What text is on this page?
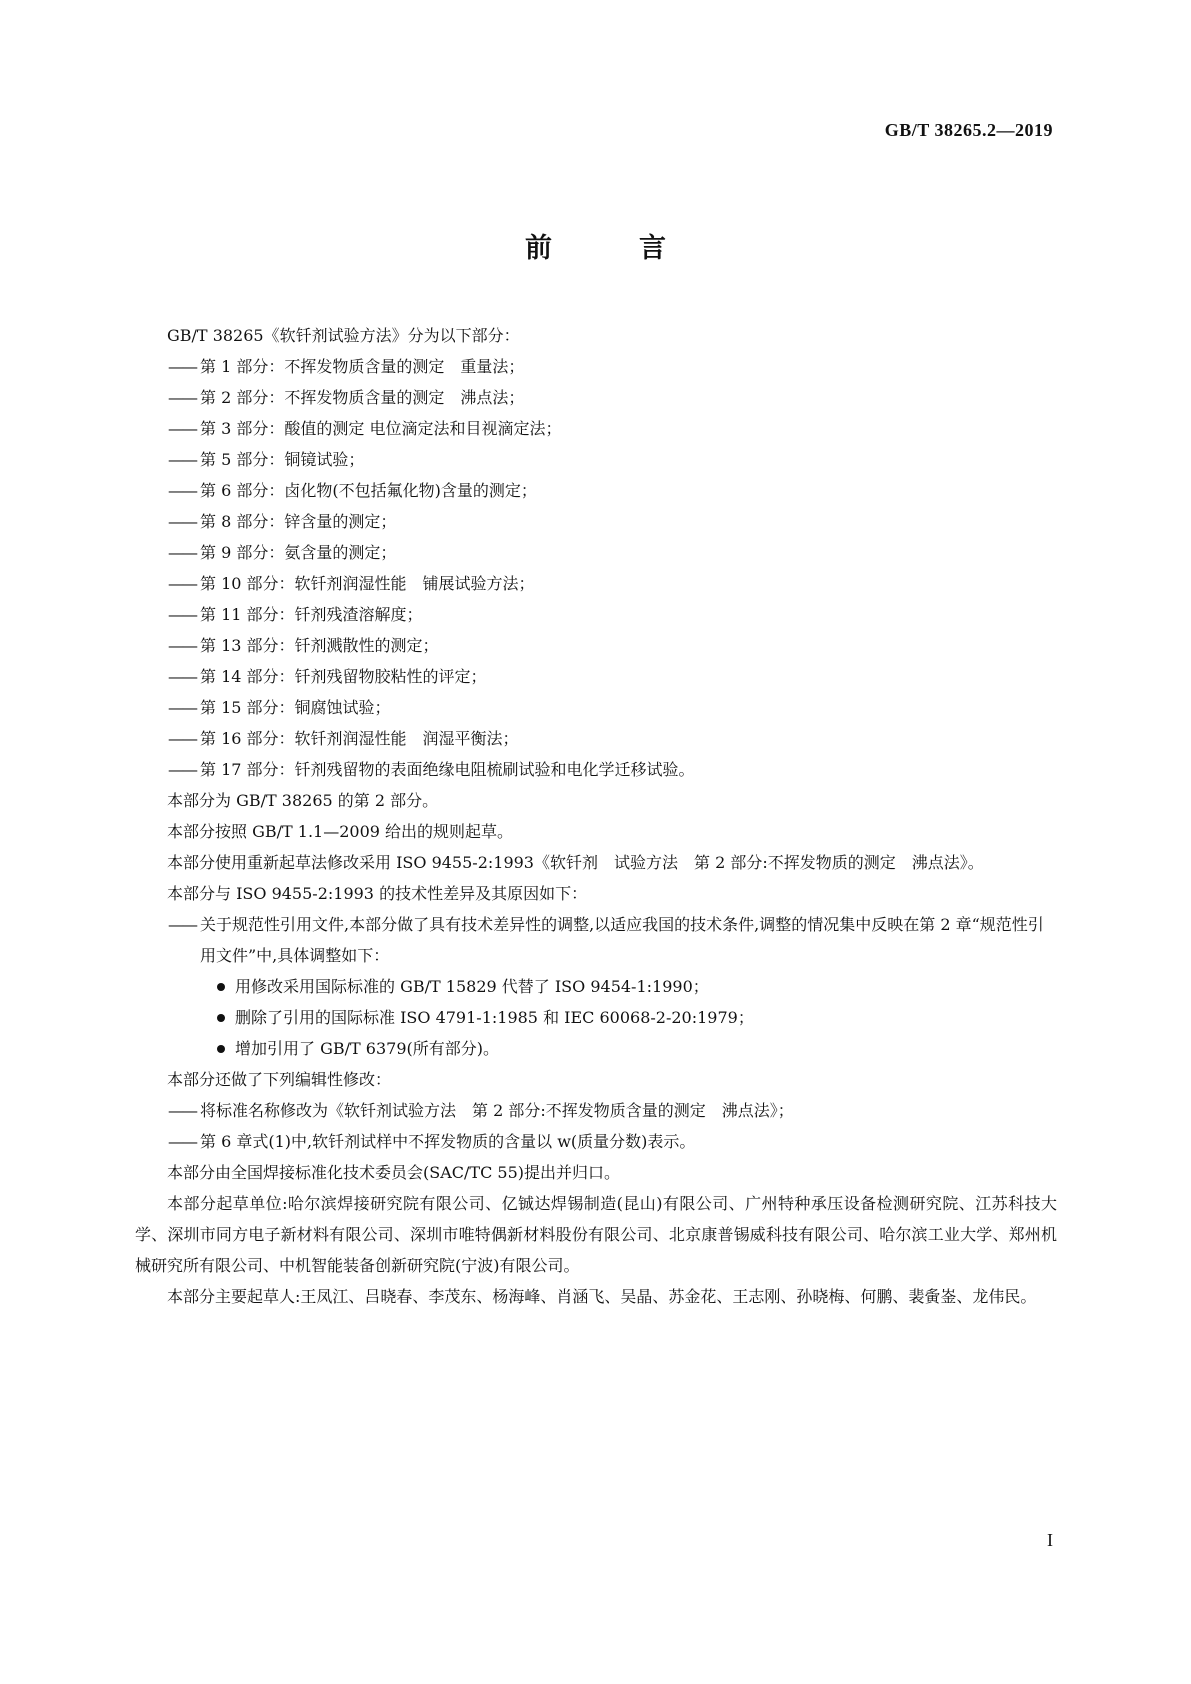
GB/T 38265.2—2019
前　言

GB/T 38265《软钎剂试验方法》分为以下部分：

—— 第 1 部分：不挥发物质含量的测定　重量法；

—— 第 2 部分：不挥发物质含量的测定　沸点法；

—— 第 3 部分：酸值的测定 电位滴定法和目视滴定法；

—— 第 5 部分：铜镜试验；

—— 第 6 部分：卤化物(不包括氟化物)含量的测定；

—— 第 8 部分：锌含量的测定；

—— 第 9 部分：氨含量的测定；

—— 第 10 部分：软钎剂润湿性能　铺展试验方法；

—— 第 11 部分：钎剂残渣溶解度；

—— 第 13 部分：钎剂溅散性的测定；

—— 第 14 部分：钎剂残留物胶粘性的评定；

—— 第 15 部分：铜腐蚀试验；

—— 第 16 部分：软钎剂润湿性能　润湿平衡法；

—— 第 17 部分：钎剂残留物的表面绝缘电阻梳刷试验和电化学迁移试验。

本部分为 GB/T 38265 的第 2 部分。

本部分按照 GB/T 1.1—2009 给出的规则起草。

本部分使用重新起草法修改采用 ISO 9455-2:1993《软钎剂　试验方法　第 2 部分:不挥发物质的测定　沸点法》。

本部分与 ISO 9455-2:1993 的技术性差异及其原因如下：

—— 关于规范性引用文件,本部分做了具有技术差异性的调整,以适应我国的技术条件,调整的情况集中反映在第 2 章“规范性引用文件”中,具体调整如下：

用修改采用国际标准的 GB/T 15829 代替了 ISO 9454-1:1990；

删除了引用的国际标准 ISO 4791-1:1985 和 IEC 60068-2-20:1979；

增加引用了 GB/T 6379(所有部分)。

本部分还做了下列编辑性修改：

—— 将标准名称修改为《软钎剂试验方法　第 2 部分:不挥发物质含量的测定　沸点法》；

—— 第 6 章式(1)中,软钎剂试样中不挥发物质的含量以 w(质量分数)表示。

本部分由全国焊接标准化技术委员会(SAC/TC 55)提出并归口。

本部分起草单位:哈尔滨焊接研究院有限公司、亿铖达焊锡制造(昆山)有限公司、广州特种承压设备检测研究院、江苏科技大学、深圳市同方电子新材料有限公司、深圳市唯特偶新材料股份有限公司、北京康普锡威科技有限公司、哈尔滨工业大学、郑州机械研究所有限公司、中机智能装备创新研究院(宁波)有限公司。

本部分主要起草人:王凤江、吕晓春、李茂东、杨海峰、肖涵飞、吴晶、苏金花、王志刚、孙晓梅、何鹏、裴夤崟、龙伟民。

I
